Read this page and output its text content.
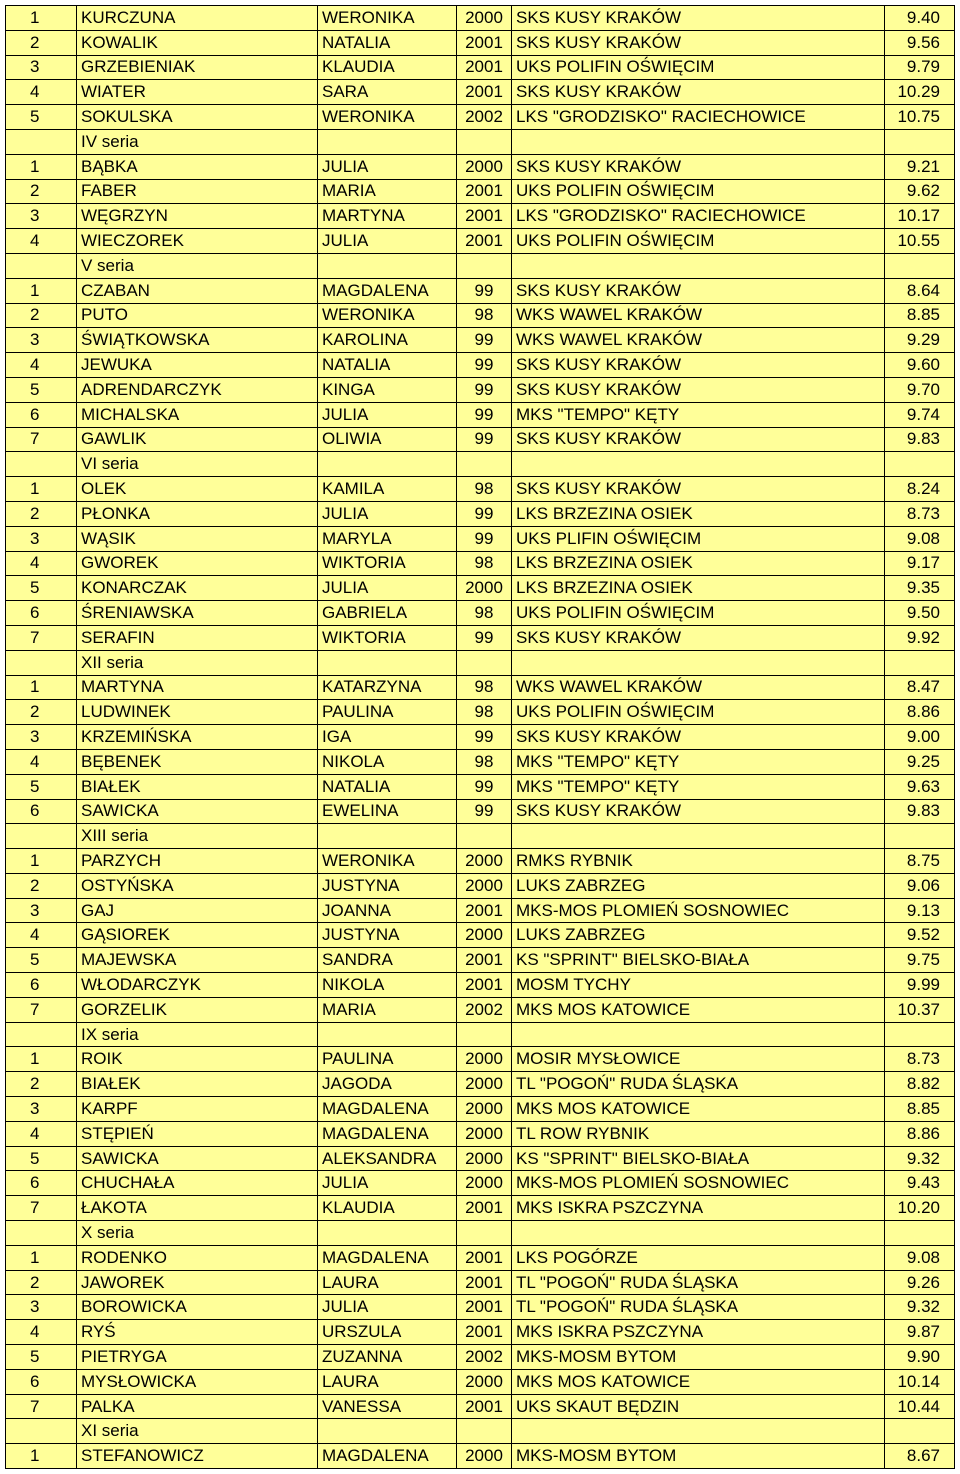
1	KURCZUNA	WERONIKA	2000	SKS KUSY KRAKÓW	9.40
2	KOWALIK	NATALIA	2001	SKS KUSY KRAKÓW	9.56
3	GRZEBIENIAK	KLAUDIA	2001	UKS POLIFIN OŚWIĘCIM	9.79
4	WIATER	SARA	2001	SKS KUSY KRAKÓW	10.29
5	SOKULSKA	WERONIKA	2002	LKS "GRODZISKO" RACIECHOWICE	10.75
	IV seria				
1	BĄBKA	JULIA	2000	SKS KUSY KRAKÓW	9.21
2	FABER	MARIA	2001	UKS POLIFIN OŚWIĘCIM	9.62
3	WĘGRZYN	MARTYNA	2001	LKS "GRODZISKO" RACIECHOWICE	10.17
4	WIECZOREK	JULIA	2001	UKS POLIFIN OŚWIĘCIM	10.55
	V seria				
1	CZABAN	MAGDALENA	99	SKS KUSY KRAKÓW	8.64
2	PUTO	WERONIKA	98	WKS WAWEL KRAKÓW	8.85
3	ŚWIĄTKOWSKA	KAROLINA	99	WKS WAWEL KRAKÓW	9.29
4	JEWUKA	NATALIA	99	SKS KUSY KRAKÓW	9.60
5	ADRENDARCZYK	KINGA	99	SKS KUSY KRAKÓW	9.70
6	MICHALSKA	JULIA	99	MKS "TEMPO" KĘTY	9.74
7	GAWLIK	OLIWIA	99	SKS KUSY KRAKÓW	9.83
	VI seria				
1	OLEK	KAMILA	98	SKS KUSY KRAKÓW	8.24
2	PŁONKA	JULIA	99	LKS BRZEZINA OSIEK	8.73
3	WĄSIK	MARYLA	99	UKS PLIFIN OŚWIĘCIM	9.08
4	GWOREK	WIKTORIA	98	LKS BRZEZINA OSIEK	9.17
5	KONARCZAK	JULIA	2000	LKS BRZEZINA OSIEK	9.35
6	ŚRENIAWSKA	GABRIELA	98	UKS POLIFIN OŚWIĘCIM	9.50
7	SERAFIN	WIKTORIA	99	SKS KUSY KRAKÓW	9.92
	XII seria				
1	MARTYNA	KATARZYNA	98	WKS WAWEL KRAKÓW	8.47
2	LUDWINEK	PAULINA	98	UKS POLIFIN OŚWIĘCIM	8.86
3	KRZEMIŃSKA	IGA	99	SKS KUSY KRAKÓW	9.00
4	BĘBENEK	NIKOLA	98	MKS "TEMPO" KĘTY	9.25
5	BIAŁEK	NATALIA	99	MKS "TEMPO" KĘTY	9.63
6	SAWICKA	EWELINA	99	SKS KUSY KRAKÓW	9.83
	XIII seria				
1	PARZYCH	WERONIKA	2000	RMKS RYBNIK	8.75
2	OSTYŃSKA	JUSTYNA	2000	LUKS ZABRZEG	9.06
3	GAJ	JOANNA	2001	MKS-MOS PLOMIEŃ SOSNOWIEC	9.13
4	GĄSIOREK	JUSTYNA	2000	LUKS ZABRZEG	9.52
5	MAJEWSKA	SANDRA	2001	KS "SPRINT" BIELSKO-BIAŁA	9.75
6	WŁODARCZYK	NIKOLA	2001	MOSM TYCHY	9.99
7	GORZELIK	MARIA	2002	MKS MOS KATOWICE	10.37
	IX seria				
1	ROIK	PAULINA	2000	MOSIR MYSŁOWICE	8.73
2	BIAŁEK	JAGODA	2000	TL "POGOŃ" RUDA ŚLĄSKA	8.82
3	KARPF	MAGDALENA	2000	MKS MOS KATOWICE	8.85
4	STĘPIEŃ	MAGDALENA	2000	TL ROW RYBNIK	8.86
5	SAWICKA	ALEKSANDRA	2000	KS "SPRINT" BIELSKO-BIAŁA	9.32
6	CHUCHAŁA	JULIA	2000	MKS-MOS PLOMIEŃ SOSNOWIEC	9.43
7	ŁAKOTA	KLAUDIA	2001	MKS ISKRA PSZCZYNA	10.20
	X seria				
1	RODENKO	MAGDALENA	2001	LKS POGÓRZE	9.08
2	JAWOREK	LAURA	2001	TL "POGOŃ" RUDA ŚLĄSKA	9.26
3	BOROWICKA	JULIA	2001	TL "POGOŃ" RUDA ŚLĄSKA	9.32
4	RYŚ	URSZULA	2001	MKS ISKRA PSZCZYNA	9.87
5	PIETRYGA	ZUZANNA	2002	MKS-MOSM BYTOM	9.90
6	MYSŁOWICKA	LAURA	2000	MKS MOS KATOWICE	10.14
7	PALKA	VANESSA	2001	UKS SKAUT BĘDZIN	10.44
	XI seria				
1	STEFANOWICZ	MAGDALENA	2000	MKS-MOSM BYTOM	8.67
